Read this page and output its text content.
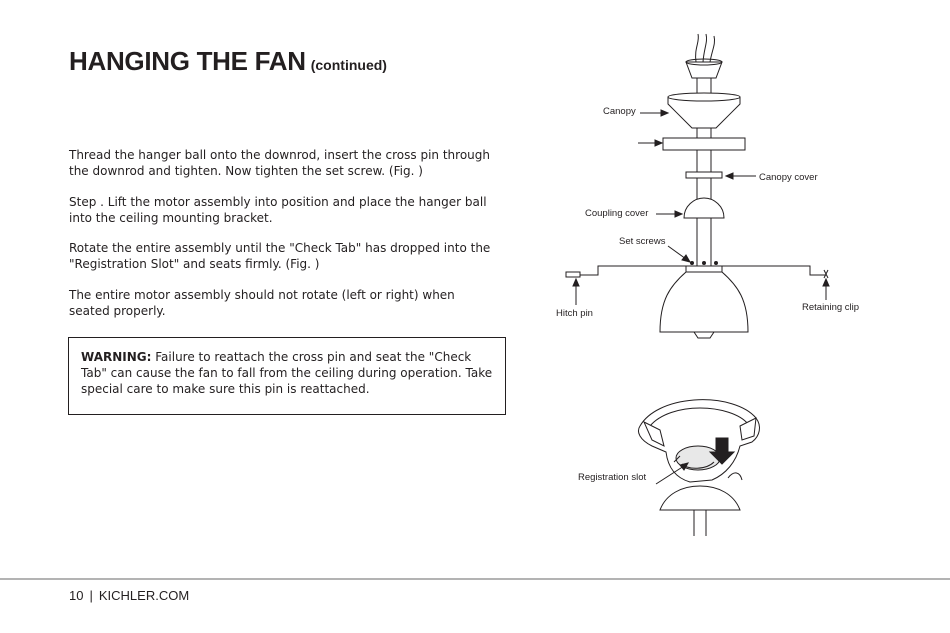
HANGING THE FAN (continued)

Thread the hanger ball onto the downrod, insert the cross pin through the downrod and tighten. Now tighten the set screw. (Fig. )

Step . Lift the motor assembly into position and place the hanger ball into the ceiling mounting bracket.

Rotate the entire assembly until the "Check Tab" has dropped into the "Registration Slot" and seats firmly. (Fig. )

The entire motor assembly should not rotate (left or right) when seated properly.

WARNING: Failure to reattach the cross pin and seat the "Check Tab" can cause the fan to fall from the ceiling during operation. Take special care to make sure this pin is reattached.
Canopy
Canopy cover
Coupling cover
Set screws
Hitch pin
Retaining clip
Registration slot
10 | KICHLER.COM
